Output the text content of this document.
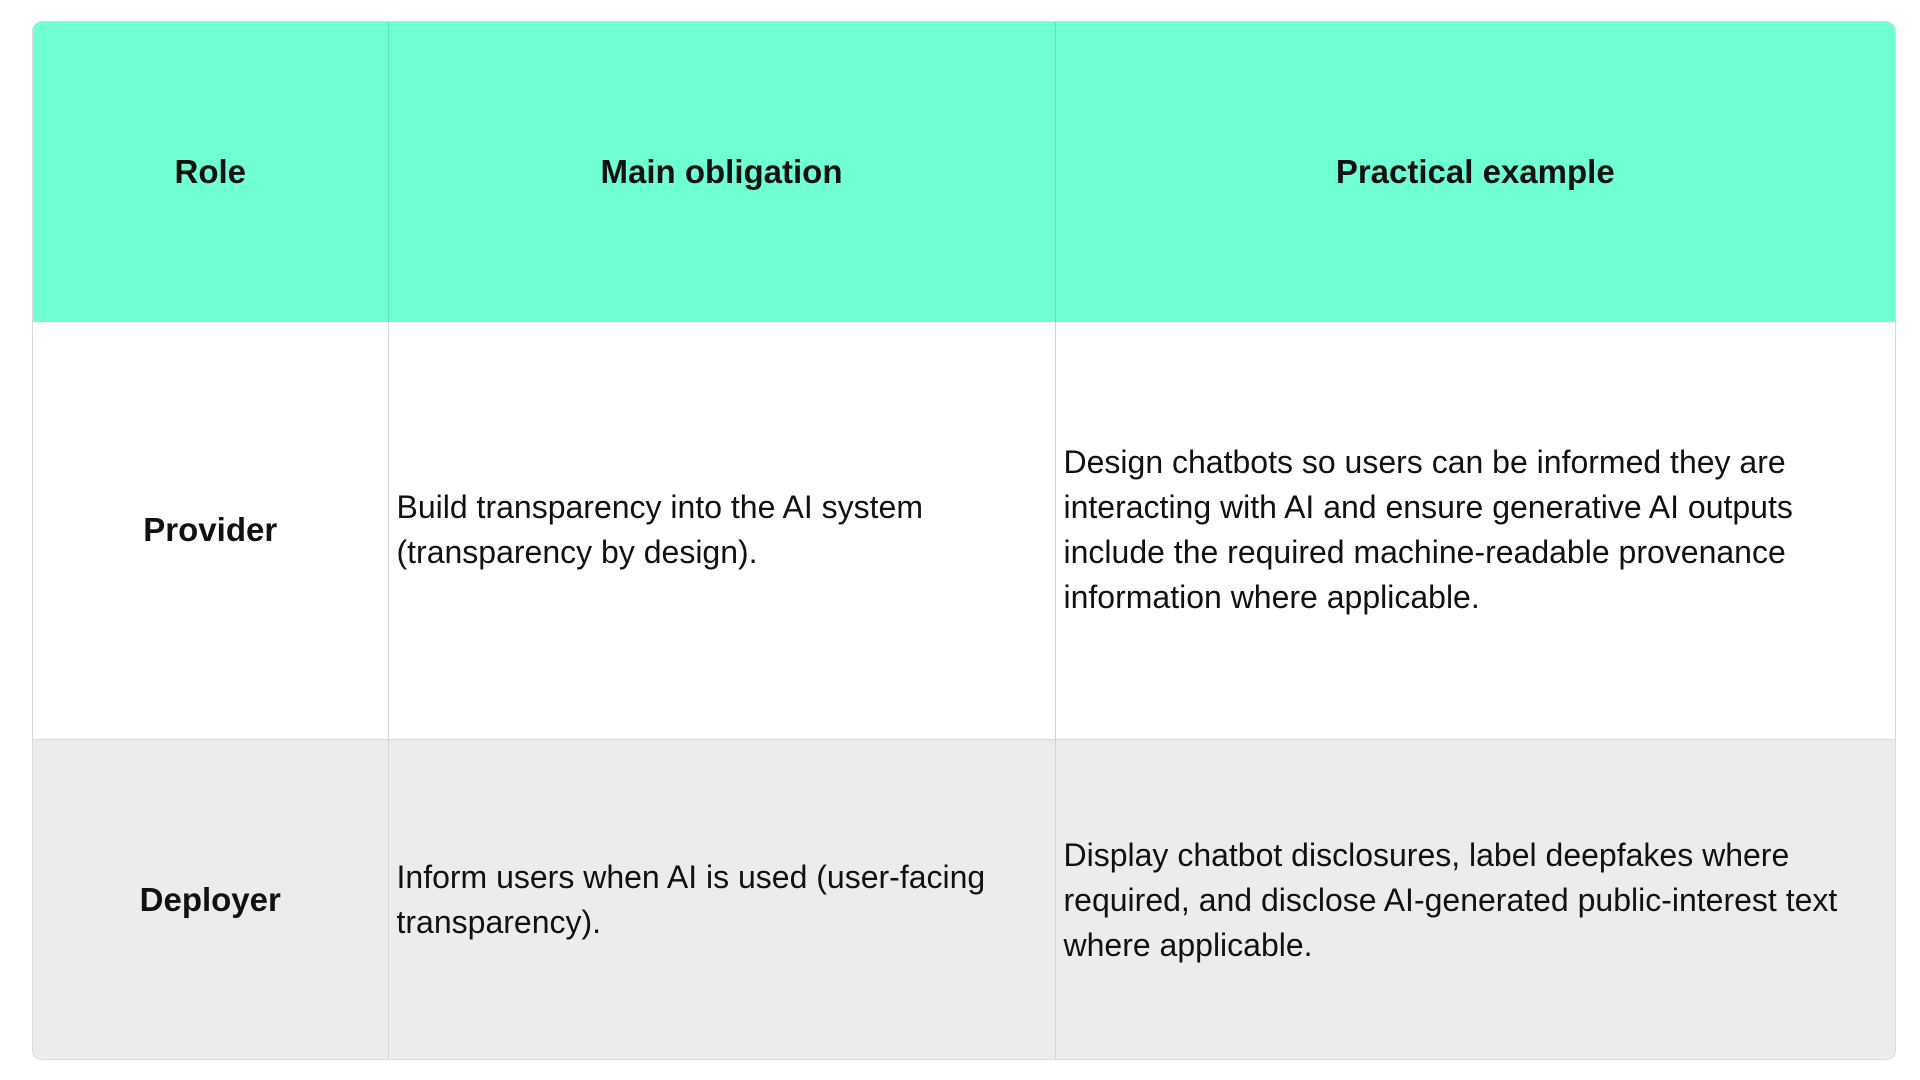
Role	Main obligation	Practical example
Provider	Build transparency into the AI system (transparency by design).	Design chatbots so users can be informed they are interacting with AI and ensure generative AI outputs include the required machine-readable provenance information where applicable.
Deployer	Inform users when AI is used (user-facing transparency).	Display chatbot disclosures, label deepfakes where required, and disclose AI-generated public-interest text where applicable.
